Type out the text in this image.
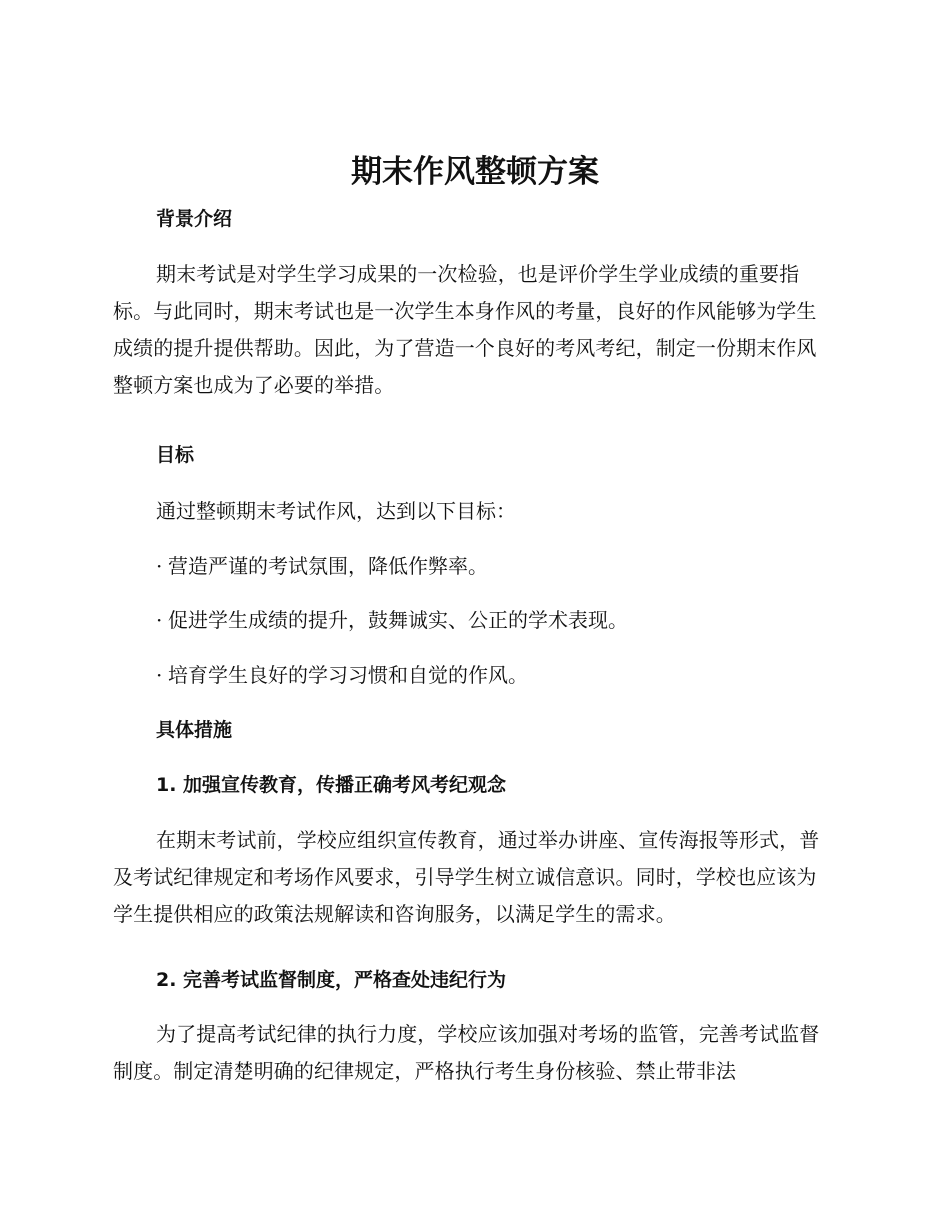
期末作风整顿方案
背景介绍

期末考试是对学生学习成果的一次检验，也是评价学生学业成绩的重要指标。与此同时，期末考试也是一次学生本身作风的考量，良好的作风能够为学生成绩的提升提供帮助。因此，为了营造一个良好的考风考纪，制定一份期末作风整顿方案也成为了必要的举措。

目标

通过整顿期末考试作风，达到以下目标：

· 营造严谨的考试氛围，降低作弊率。

· 促进学生成绩的提升，鼓舞诚实、公正的学术表现。

· 培育学生良好的学习习惯和自觉的作风。

具体措施
1. 加强宣传教育，传播正确考风考纪观念

在期末考试前，学校应组织宣传教育，通过举办讲座、宣传海报等形式，普及考试纪律规定和考场作风要求，引导学生树立诚信意识。同时，学校也应该为学生提供相应的政策法规解读和咨询服务，以满足学生的需求。

2. 完善考试监督制度，严格查处违纪行为

为了提高考试纪律的执行力度，学校应该加强对考场的监管，完善考试监督制度。制定清楚明确的纪律规定，严格执行考生身份核验、禁止带非法
